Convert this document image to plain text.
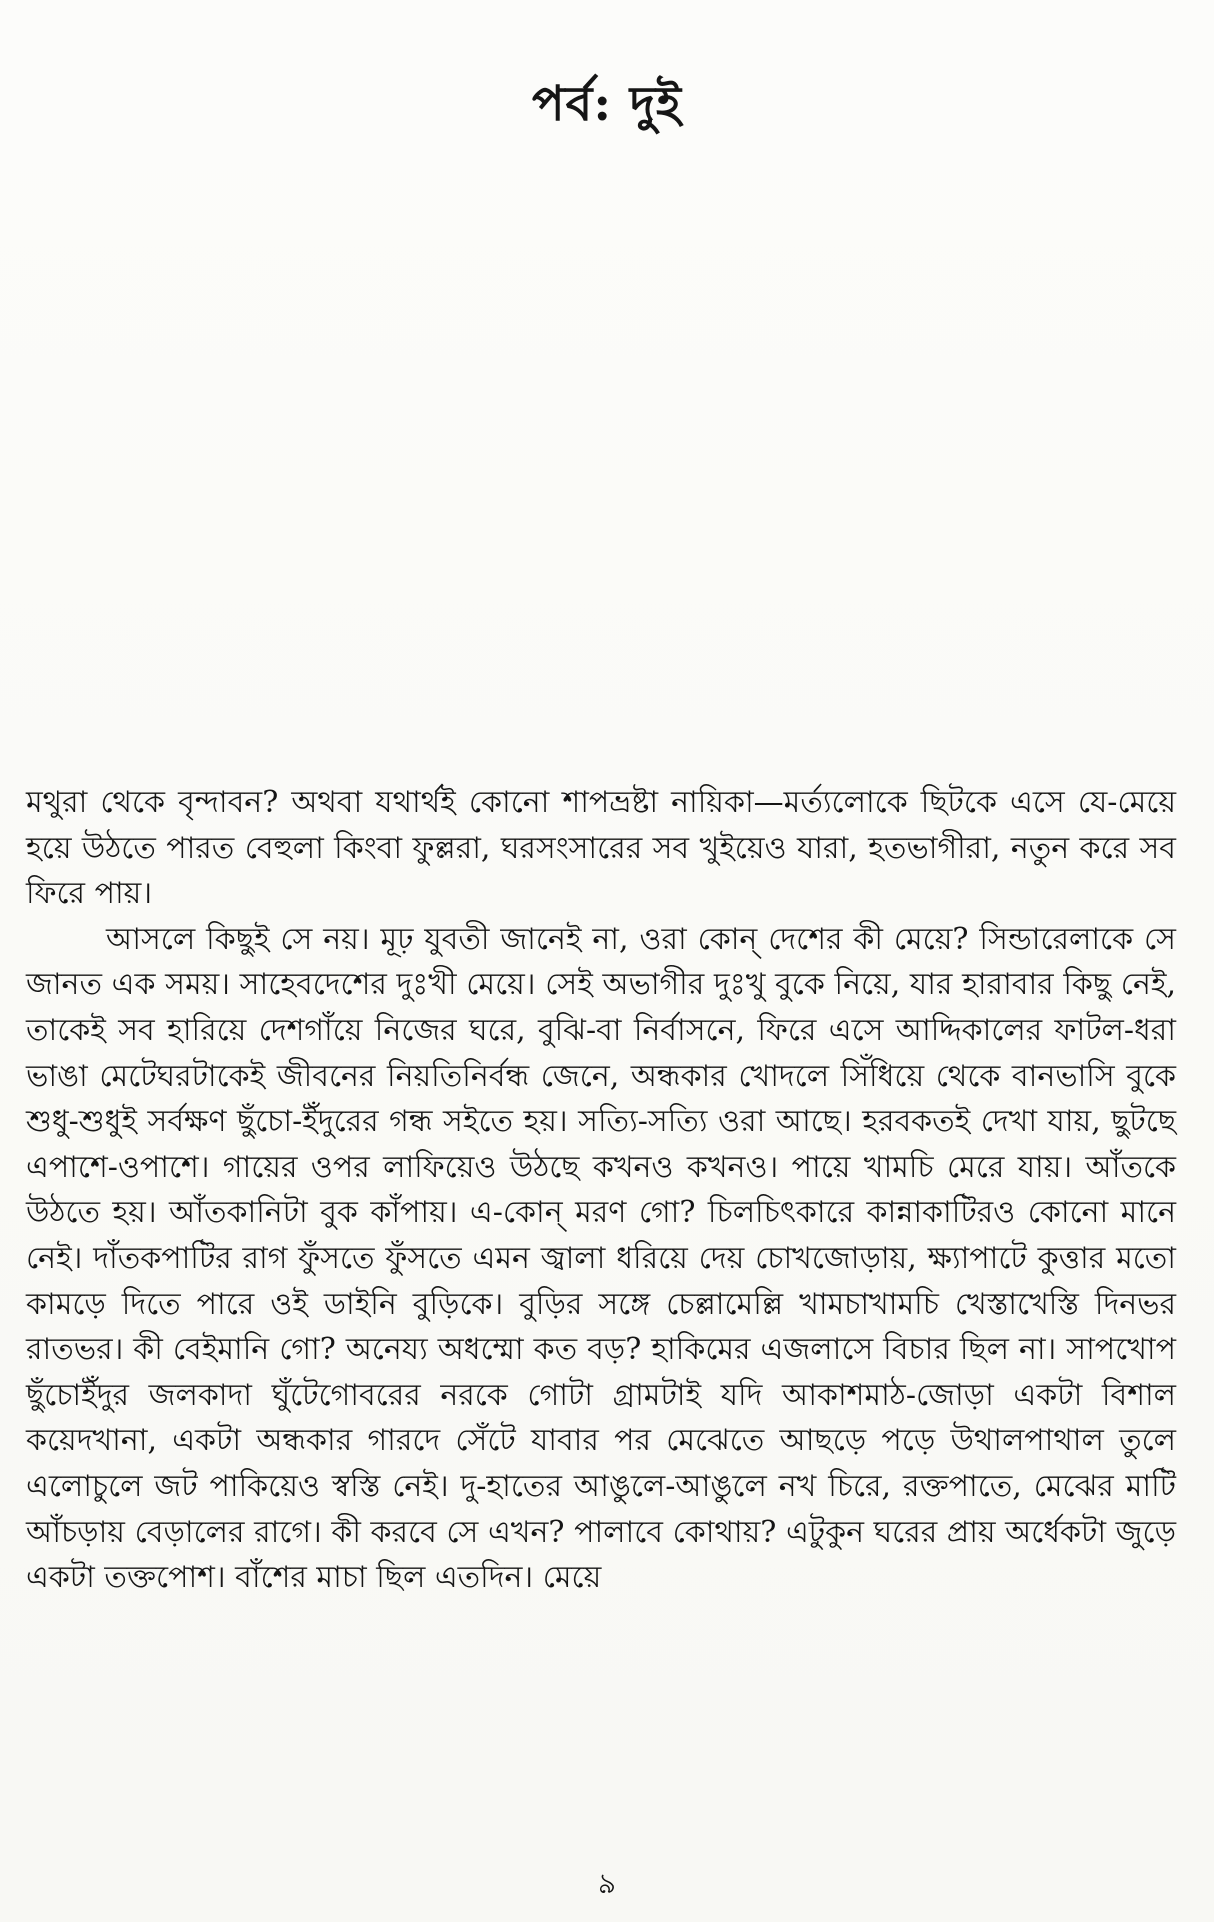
পর্ব: দুই

মথুরা থেকে বৃন্দাবন? অথবা যথার্থই কোনো শাপভ্রষ্টা নায়িকা—মর্ত্যলোকে ছিটকে এসে যে-মেয়ে হয়ে উঠতে পারত বেহুলা কিংবা ফুল্লরা, ঘরসংসারের সব খুইয়েও যারা, হতভাগীরা, নতুন করে সব ফিরে পায়।

আসলে কিছুই সে নয়। মূঢ় যুবতী জানেই না, ওরা কোন্ দেশের কী মেয়ে? সিন্ডারেলাকে সে জানত এক সময়। সাহেবদেশের দুঃখী মেয়ে। সেই অভাগীর দুঃখু বুকে নিয়ে, যার হারাবার কিছু নেই, তাকেই সব হারিয়ে দেশগাঁয়ে নিজের ঘরে, বুঝি-বা নির্বাসনে, ফিরে এসে আদ্দিকালের ফাটল-ধরা ভাঙা মেটেঘরটাকেই জীবনের নিয়তিনির্বন্ধ জেনে, অন্ধকার খোদলে সিঁধিয়ে থেকে বানভাসি বুকে শুধু-শুধুই সর্বক্ষণ ছুঁচো-ইঁদুরের গন্ধ সইতে হয়। সত্যি-সত্যি ওরা আছে। হরবকতই দেখা যায়, ছুটছে এপাশে-ওপাশে। গায়ের ওপর লাফিয়েও উঠছে কখনও কখনও। পায়ে খামচি মেরে যায়। আঁতকে উঠতে হয়। আঁতকানিটা বুক কাঁপায়। এ-কোন্ মরণ গো? চিলচিৎকারে কান্নাকাটিরও কোনো মানে নেই। দাঁতকপাটির রাগ ফুঁসতে ফুঁসতে এমন জ্বালা ধরিয়ে দেয় চোখজোড়ায়, ক্ষ্যাপাটে কুত্তার মতো কামড়ে দিতে পারে ওই ডাইনি বুড়িকে। বুড়ির সঙ্গে চেল্লামেল্লি খামচাখামচি খেস্তাখেস্তি দিনভর রাতভর। কী বেইমানি গো? অনেয্য অধম্মো কত বড়? হাকিমের এজলাসে বিচার ছিল না। সাপখোপ ছুঁচোইঁদুর জলকাদা ঘুঁটেগোবরের নরকে গোটা গ্রামটাই যদি আকাশমাঠ-জোড়া একটা বিশাল কয়েদখানা, একটা অন্ধকার গারদে সেঁটে যাবার পর মেঝেতে আছড়ে পড়ে উথালপাথাল তুলে এলোচুলে জট পাকিয়েও স্বস্তি নেই। দু-হাতের আঙুলে-আঙুলে নখ চিরে, রক্তপাতে, মেঝের মাটি আঁচড়ায় বেড়ালের রাগে। কী করবে সে এখন? পালাবে কোথায়? এটুকুন ঘরের প্রায় অর্ধেকটা জুড়ে একটা তক্তপোশ। বাঁশের মাচা ছিল এতদিন। মেয়ে

৯
